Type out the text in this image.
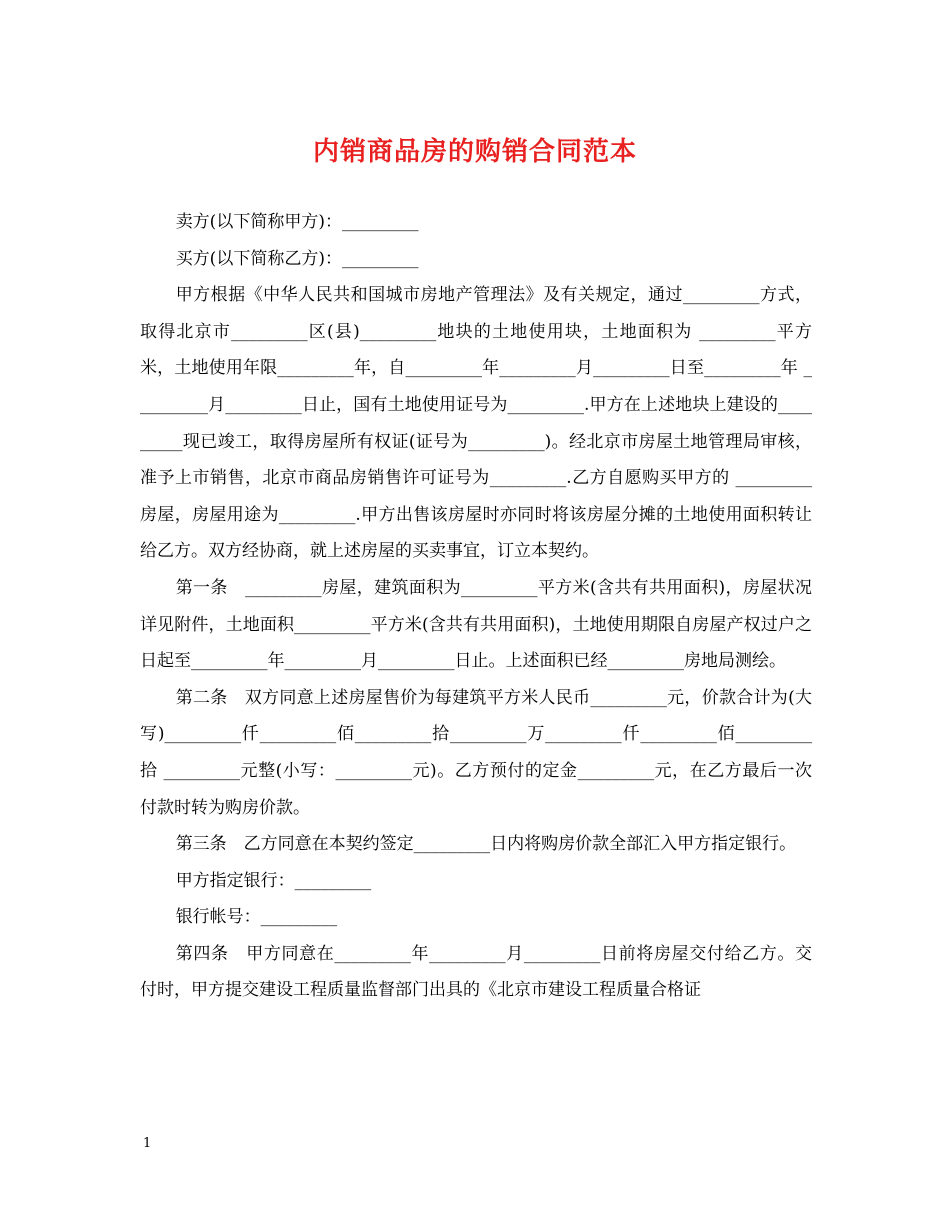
内销商品房的购销合同范本

卖方(以下简称甲方)：_________

买方(以下简称乙方)：_________

甲方根据《中华人民共和国城市房地产管理法》及有关规定，通过_________方式，取得北京市_________区(县)_________地块的土地使用块，土地面积为 _________平方米，土地使用年限_________年，自_________年_________月_________日至_________年 _________月_________日止，国有土地使用证号为_________.甲方在上述地块上建设的_________现已竣工，取得房屋所有权证(证号为_________)。经北京市房屋土地管理局审核，准予上市销售，北京市商品房销售许可证号为_________.乙方自愿购买甲方的 _________房屋，房屋用途为_________.甲方出售该房屋时亦同时将该房屋分摊的土地使用面积转让给乙方。双方经协商，就上述房屋的买卖事宜，订立本契约。

第一条　_________房屋，建筑面积为_________平方米(含共有共用面积)，房屋状况详见附件，土地面积_________平方米(含共有共用面积)，土地使用期限自房屋产权过户之日起至_________年_________月_________日止。上述面积已经_________房地局测绘。

第二条　双方同意上述房屋售价为每建筑平方米人民币_________元，价款合计为(大写)_________仟_________佰_________拾_________万_________仟_________佰_________拾 _________元整(小写：_________元)。乙方预付的定金_________元，在乙方最后一次付款时转为购房价款。

第三条　乙方同意在本契约签定_________日内将购房价款全部汇入甲方指定银行。

甲方指定银行：_________

银行帐号：_________

第四条　甲方同意在_________年_________月_________日前将房屋交付给乙方。交付时，甲方提交建设工程质量监督部门出具的《北京市建设工程质量合格证

1
